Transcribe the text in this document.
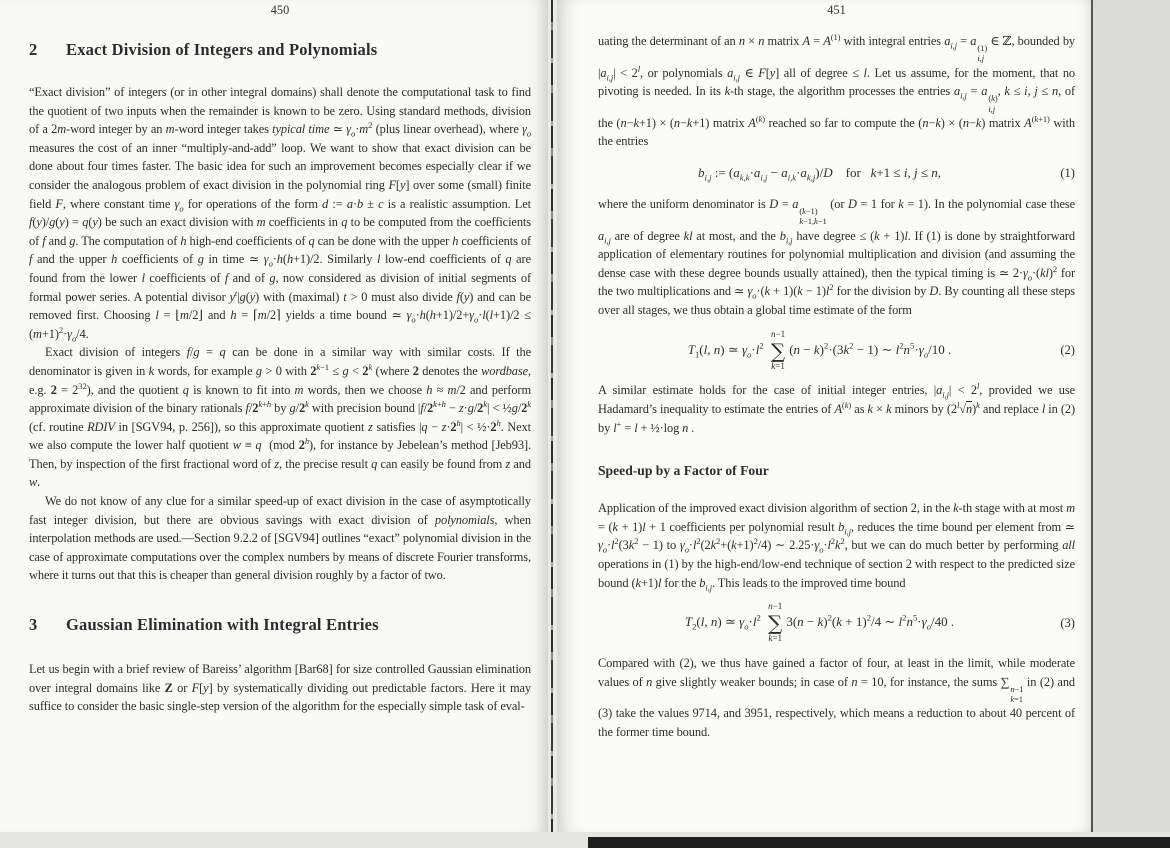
450
2	Exact Division of Integers and Polynomials

“Exact division” of integers (or in other integral domains) shall denote the computational task to find the quotient of two inputs when the remainder is known to be zero. Using standard methods, division of a 2m-word integer by an m-word integer takes typical time ≃ $\gamma_o\cdot m^2$ (plus linear overhead), where $\gamma_o$ measures the cost of an inner “multiply-and-add” loop. We want to show that exact division can be done about four times faster. The basic idea for such an improvement becomes especially clear if we consider the analogous problem of exact division in the polynomial ring F[y] over some (small) finite field F, where constant time $\gamma_o$ for operations of the form d := a·b ± c is a realistic assumption. Let f(y)/g(y) = q(y) be such an exact division with m coefficients in q to be computed from the coefficients of f and g. The computation of h high-end coefficients of q can be done with the upper h coefficients of f and the upper h coefficients of g in time ≃ $\gamma_o\cdot h(h+1)/2$. Similarly l low-end coefficients of q are found from the lower l coefficients of f and of g, now considered as division of initial segments of formal power series. A potential divisor $y^t|g(y)$ with (maximal) t > 0 must also divide f(y) and can be removed first. Choosing l = ⌊m/2⌋ and h = ⌈m/2⌉ yields a time bound ≃ $\gamma_o\cdot h(h+1)/2+\gamma_o\cdot l(l+1)/2 \le (m+1)^2\cdot\gamma_o/4$.

Exact division of integers f/g = q can be done in a similar way with similar costs. If the denominator is given in k words, for example g > 0 with $2^{k-1} \le g < 2^k$ (where 2 denotes the wordbase, e.g. $2 = 2^{32}$), and the quotient q is known to fit into m words, then we choose h ≈ m/2 and perform approximate division of the binary rationals $f/2^{k+h}$ by g/2$^k$ with precision bound $|f/2^{k+h} - z\cdot g/2^k|$ < $\frac{1}{2}g/2^k$ (cf. routine RDIV in [SGV94, p. 256]), so this approximate quotient z satisfies $|q - z\cdot 2^h|$ < $\frac{1}{2}\cdot 2^h$. Next we also compute the lower half quotient w ≡ q  (mod 2$^h$), for instance by Jebelean’s method [Jeb93]. Then, by inspection of the first fractional word of z, the precise result q can easily be found from z and w.

We do not know of any clue for a similar speed-up of exact division in the case of asymptotically fast integer division, but there are obvious savings with exact division of polynomials, when interpolation methods are used.—Section 9.2.2 of [SGV94] outlines “exact” polynomial division in the case of approximate computations over the complex numbers by means of discrete Fourier transforms, where it turns out that this is cheaper than general division roughly by a factor of two.

3	Gaussian Elimination with Integral Entries

Let us begin with a brief review of Bareiss’ algorithm [Bar68] for size controlled Gaussian elimination over integral domains like Z or F[y] by systematically dividing out predictable factors. Here it may suffice to consider the basic single-step version of the algorithm for the especially simple task of eval-

451

uating the determinant of an n × n matrix $A = A^{(1)}$ with integral entries $a_{i,j} = a$ (1)
i,j
∈ ℤ, bounded by $|a_{i,j}| < 2^l$, or polynomials $a_{i,j}$ ∈ F[y] all of degree ≤ l. Let us assume, for the moment, that no pivoting is needed. In its k-th stage, the algorithm processes the entries $a_{i,j} = a$ (k)
i,j
, k ≤ i, j ≤ n, of the (n−k+1) × (n−k+1) matrix $A^{(k)}$ reached so far to compute the (n−k) × (n−k) matrix $A^{(k+1)}$ with the entries

$b_{i,j}$ := $(a_{k,k}\cdot a_{i,j} - a_{i,k}\cdot a_{k,j})/D$    for   k+1 ≤ i, j ≤ n,	(1)

where the uniform denominator is D = a (k−1)
k−1,k−1
(or D = 1 for k = 1). In the polynomial case these $a_{i,j}$ are of degree kl at most, and the $b_{i,j}$ have degree ≤ (k + 1)l. If (1) is done by straightforward application of elementary routines for polynomial multiplication and division (and assuming the dense case with these degree bounds usually attained), then the typical timing is ≃ $2\cdot\gamma_o\cdot(kl)^2$ for the two multiplications and ≃ $\gamma_o\cdot(k + 1)(k - 1)l^2$ for the division by D. By counting all these steps over all stages, we thus obtain a global time estimate of the form

$T_1(l$, n) ≃ $\gamma_o\cdot l^2$
n−1
∑
k=1
$(n - k)^2\cdot(3k^2 - 1)$ ∼ $l^2n^5\cdot\gamma_o/10$ .	(2)

A similar estimate holds for the case of initial integer entries, $|a_{i,j}| < 2^l$, provided we use Hadamard’s inequality to estimate the entries of $A^{(k)}$ as k × k minors by $(2^l√n)^k$ and replace l in (2) by l+ = l + ½·log n .

Speed-up by a Factor of Four

Application of the improved exact division algorithm of section 2, in the k-th stage with at most m = (k + 1)l + 1 coefficients per polynomial result $b_{i,j}$, reduces the time bound per element from ≃ $\gamma_o\cdot l^2(3k^2 - 1)$ to $\gamma_o\cdot l^2(2k^2+(k+1)^2/4)$ ∼ $2.25\cdot\gamma_o\cdot l^2k^2$, but we can do much better by performing all operations in (1) by the high-end/low-end technique of section 2 with respect to the predicted size bound (k+1)l for the $b_{i,j}$. This leads to the improved time bound

$T_2(l$, n) ≃ $\gamma_o\cdot l^2$
n−1
∑
k=1
$3(n - k)^2(k + 1)^2/4$ ∼ $l^2n^5\cdot\gamma_o/40$ .	(3)

Compared with (2), we thus have gained a factor of four, at least in the limit, while moderate values of n give slightly weaker bounds; in case of n = 10, for instance, the sums ∑ n−1
k=1
in (2) and (3) take the values 9714, and 3951, respectively, which means a reduction to about 40 percent of the former time bound.
